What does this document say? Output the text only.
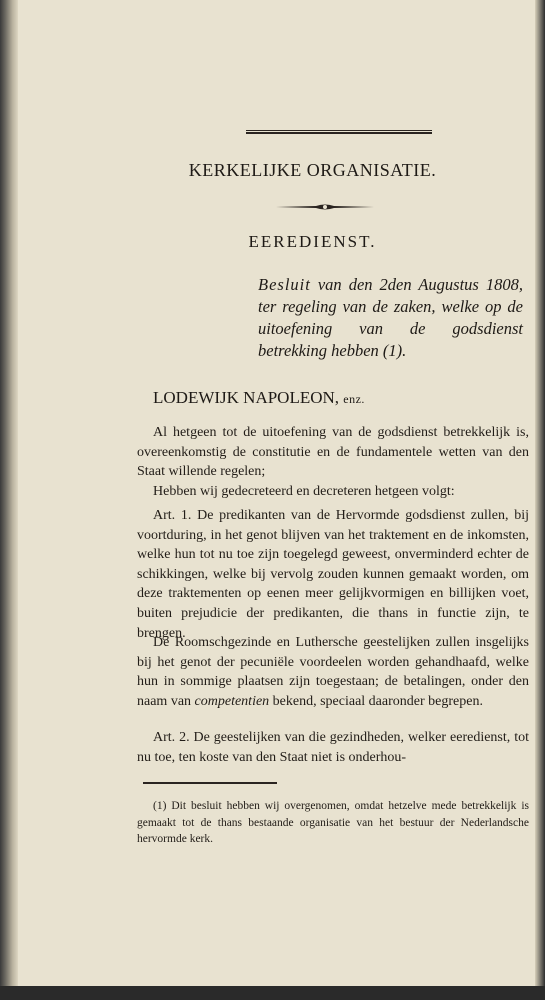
KERKELIJKE ORGANISATIE.
EEREDIENST.
Besluit van den 2den Augustus 1808, ter regeling van de zaken, welke op de uitoefening van de godsdienst betrekking hebben (1).
LODEWIJK NAPOLEON, enz.
Al hetgeen tot de uitoefening van de godsdienst betrekkelijk is, overeenkomstig de constitutie en de fundamentele wetten van den Staat willende regelen;
Hebben wij gedecreteerd en decreteren hetgeen volgt:
Art. 1. De predikanten van de Hervormde godsdienst zullen, bij voortduring, in het genot blijven van het traktement en de inkomsten, welke hun tot nu toe zijn toegelegd geweest, onverminderd echter de schikkingen, welke bij vervolg zouden kunnen gemaakt worden, om deze traktementen op eenen meer gelijkvormigen en billijken voet, buiten prejudicie der predikanten, die thans in functie zijn, te brengen.
De Roomschgezinde en Luthersche geestelijken zullen insgelijks bij het genot der pecuniële voordeelen worden gehandhaafd, welke hun in sommige plaatsen zijn toegestaan; de betalingen, onder den naam van competentien bekend, speciaal daaronder begrepen.
Art. 2. De geestelijken van die gezindheden, welker eeredienst, tot nu toe, ten koste van den Staat niet is onderhou-
(1) Dit besluit hebben wij overgenomen, omdat hetzelve mede betrekkelijk is gemaakt tot de thans bestaande organisatie van het bestuur der Nederlandsche hervormde kerk.
